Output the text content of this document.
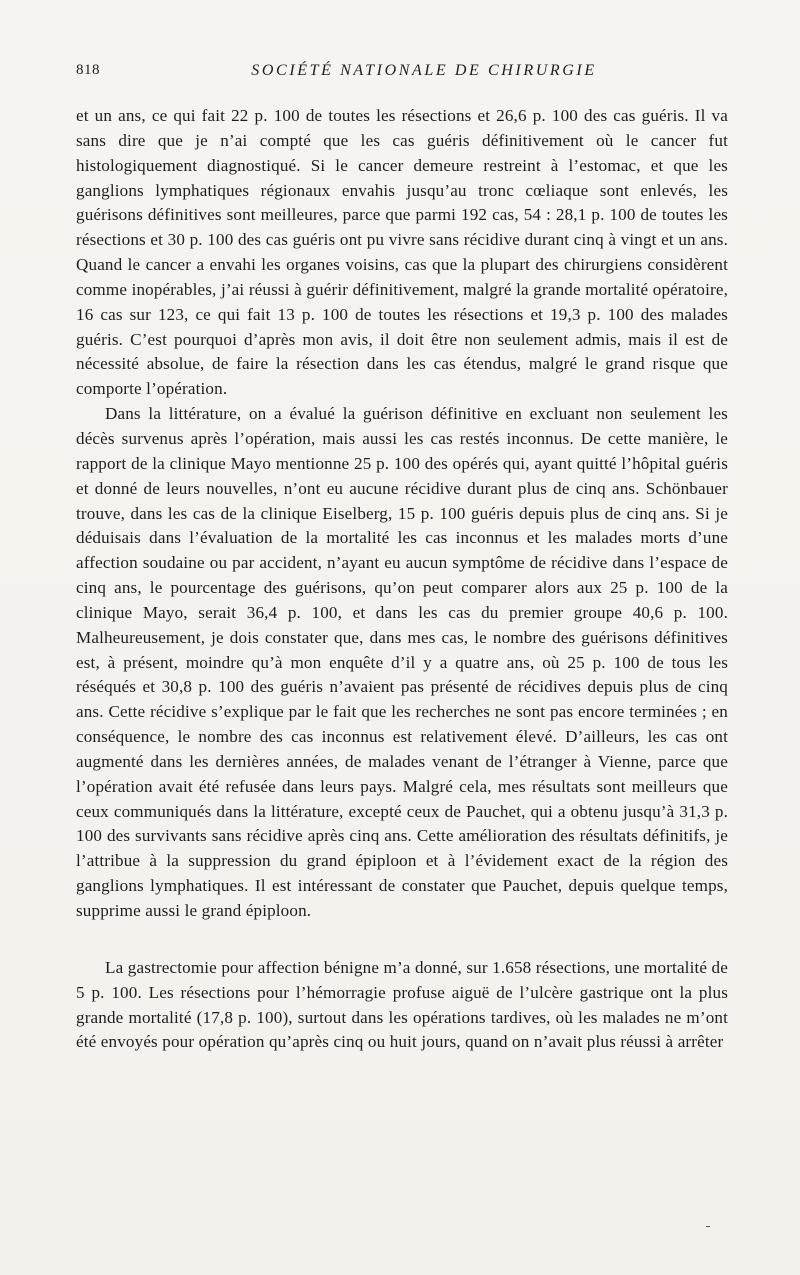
818	SOCIÉTÉ NATIONALE DE CHIRURGIE

et un ans, ce qui fait 22 p. 100 de toutes les résections et 26,6 p. 100 des cas guéris. Il va sans dire que je n’ai compté que les cas guéris définitivement où le cancer fut histologiquement diagnostiqué. Si le cancer demeure restreint à l’estomac, et que les ganglions lymphatiques régionaux envahis jusqu’au tronc cœliaque sont enlevés, les guérisons définitives sont meilleures, parce que parmi 192 cas, 54 : 28,1 p. 100 de toutes les résections et 30 p. 100 des cas guéris ont pu vivre sans récidive durant cinq à vingt et un ans. Quand le cancer a envahi les organes voisins, cas que la plupart des chirurgiens considèrent comme inopérables, j’ai réussi à guérir définitivement, malgré la grande mortalité opératoire, 16 cas sur 123, ce qui fait 13 p. 100 de toutes les résections et 19,3 p. 100 des malades guéris. C’est pourquoi d’après mon avis, il doit être non seulement admis, mais il est de nécessité absolue, de faire la résection dans les cas étendus, malgré le grand risque que comporte l’opération.

Dans la littérature, on a évalué la guérison définitive en excluant non seulement les décès survenus après l’opération, mais aussi les cas restés inconnus. De cette manière, le rapport de la clinique Mayo mentionne 25 p. 100 des opérés qui, ayant quitté l’hôpital guéris et donné de leurs nouvelles, n’ont eu aucune récidive durant plus de cinq ans. Schönbauer trouve, dans les cas de la clinique Eiselberg, 15 p. 100 guéris depuis plus de cinq ans. Si je déduisais dans l’évaluation de la mortalité les cas inconnus et les malades morts d’une affection soudaine ou par accident, n’ayant eu aucun symptôme de récidive dans l’espace de cinq ans, le pourcentage des guérisons, qu’on peut comparer alors aux 25 p. 100 de la clinique Mayo, serait 36,4 p. 100, et dans les cas du premier groupe 40,6 p. 100. Malheureusement, je dois constater que, dans mes cas, le nombre des guérisons définitives est, à présent, moindre qu’à mon enquête d’il y a quatre ans, où 25 p. 100 de tous les réséqués et 30,8 p. 100 des guéris n’avaient pas présenté de récidives depuis plus de cinq ans. Cette récidive s’explique par le fait que les recherches ne sont pas encore terminées ; en conséquence, le nombre des cas inconnus est relativement élevé. D’ailleurs, les cas ont augmenté dans les dernières années, de malades venant de l’étranger à Vienne, parce que l’opération avait été refusée dans leurs pays. Malgré cela, mes résultats sont meilleurs que ceux communiqués dans la littérature, excepté ceux de Pauchet, qui a obtenu jusqu’à 31,3 p. 100 des survivants sans récidive après cinq ans. Cette amélioration des résultats définitifs, je l’attribue à la suppression du grand épiploon et à l’évidement exact de la région des ganglions lymphatiques. Il est intéressant de constater que Pauchet, depuis quelque temps, supprime aussi le grand épiploon.

La gastrectomie pour affection bénigne m’a donné, sur 1.658 résections, une mortalité de 5 p. 100. Les résections pour l’hémorragie profuse aiguë de l’ulcère gastrique ont la plus grande mortalité (17,8 p. 100), surtout dans les opérations tardives, où les malades ne m’ont été envoyés pour opération qu’après cinq ou huit jours, quand on n’avait plus réussi à arrêter
